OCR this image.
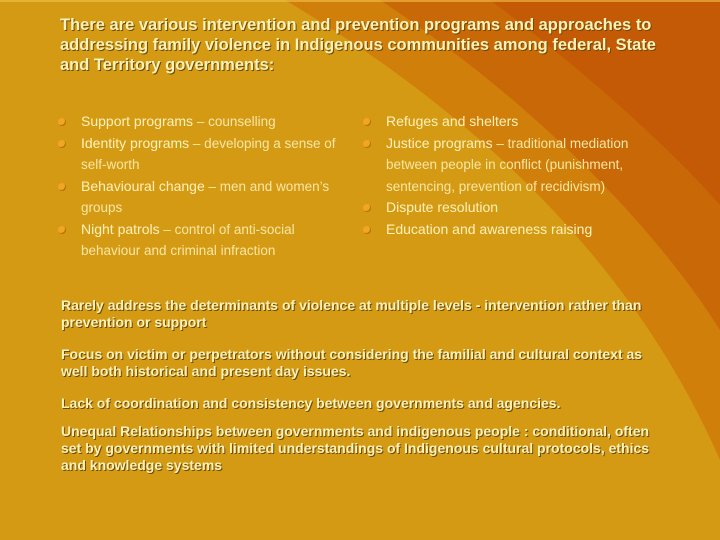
There are various intervention and prevention programs and approaches to addressing family violence in Indigenous communities among federal, State and Territory governments:
Support programs – counselling
Identity programs – developing a sense of self-worth
Behavioural change – men and women’s groups
Night patrols – control of anti-social behaviour and criminal infraction
Refuges and shelters
Justice programs – traditional mediation between people in conflict (punishment, sentencing, prevention of recidivism)
Dispute resolution
Education and awareness raising

Rarely address the determinants of violence at multiple levels - intervention rather than prevention or support

Focus on victim or perpetrators without considering the familial and cultural context as well both historical and present day issues.

Lack of coordination and consistency between governments and agencies.

Unequal Relationships between governments and indigenous people : conditional, often set by governments with limited understandings of Indigenous cultural protocols, ethics and knowledge systems
